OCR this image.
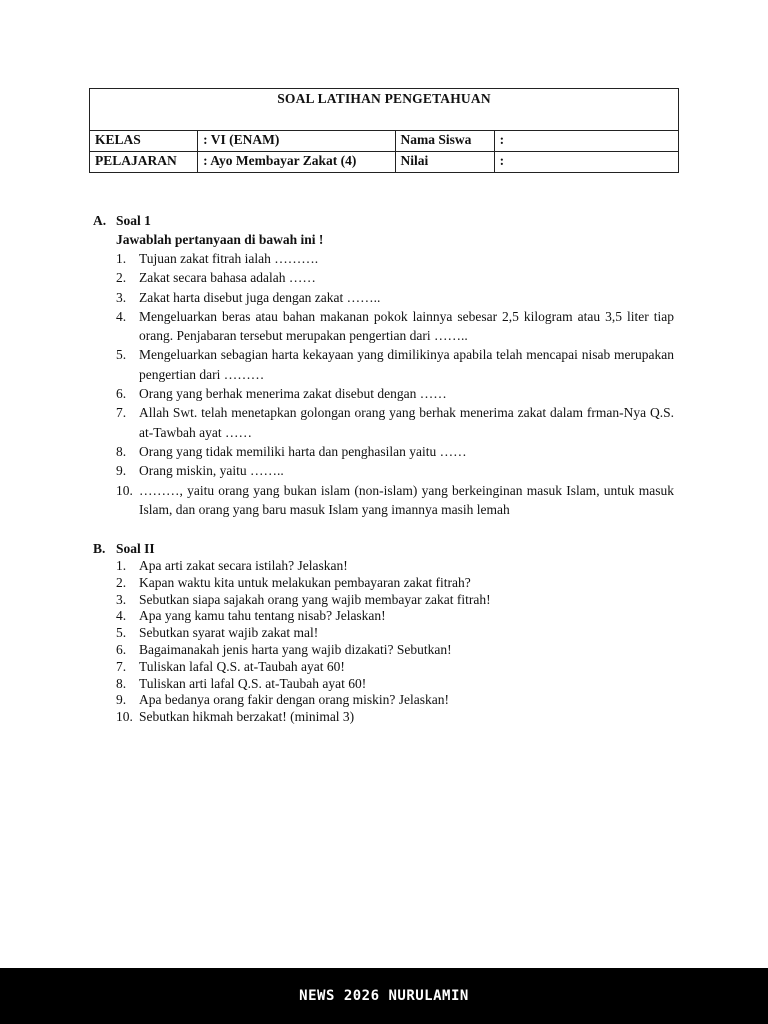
SOAL LATIHAN PENGETAHUAN			
KELAS	: VI (ENAM)	Nama Siswa	:
PELAJARAN	: Ayo Membayar Zakat (4)	Nilai	:
A. Soal 1
Jawablah pertanyaan di bawah ini !
1. Tujuan zakat fitrah ialah ……….
2. Zakat secara bahasa adalah ……
3. Zakat harta disebut juga dengan zakat ……..
4. Mengeluarkan beras atau bahan makanan pokok lainnya sebesar 2,5 kilogram atau 3,5 liter tiap orang. Penjabaran tersebut merupakan pengertian dari ……..
5. Mengeluarkan sebagian harta kekayaan yang dimilikinya apabila telah mencapai nisab merupakan pengertian dari ………
6. Orang yang berhak menerima zakat disebut dengan ……
7. Allah Swt. telah menetapkan golongan orang yang berhak menerima zakat dalam frman-Nya Q.S. at-Tawbah ayat ……
8. Orang yang tidak memiliki harta dan penghasilan yaitu ……
9. Orang miskin, yaitu ……..
10. ………, yaitu orang yang bukan islam (non-islam) yang berkeinginan masuk Islam, untuk masuk Islam, dan orang yang baru masuk Islam yang imannya masih lemah
B. Soal II
1. Apa arti zakat secara istilah? Jelaskan!
2. Kapan waktu kita untuk melakukan pembayaran zakat fitrah?
3. Sebutkan siapa sajakah orang yang wajib membayar zakat fitrah!
4. Apa yang kamu tahu tentang nisab? Jelaskan!
5. Sebutkan syarat wajib zakat mal!
6. Bagaimanakah jenis harta yang wajib dizakati? Sebutkan!
7. Tuliskan lafal Q.S. at-Taubah ayat 60!
8. Tuliskan arti lafal Q.S. at-Taubah ayat 60!
9. Apa bedanya orang fakir dengan orang miskin? Jelaskan!
10. Sebutkan hikmah berzakat! (minimal 3)
NEWS 2026 NURULAMIN
